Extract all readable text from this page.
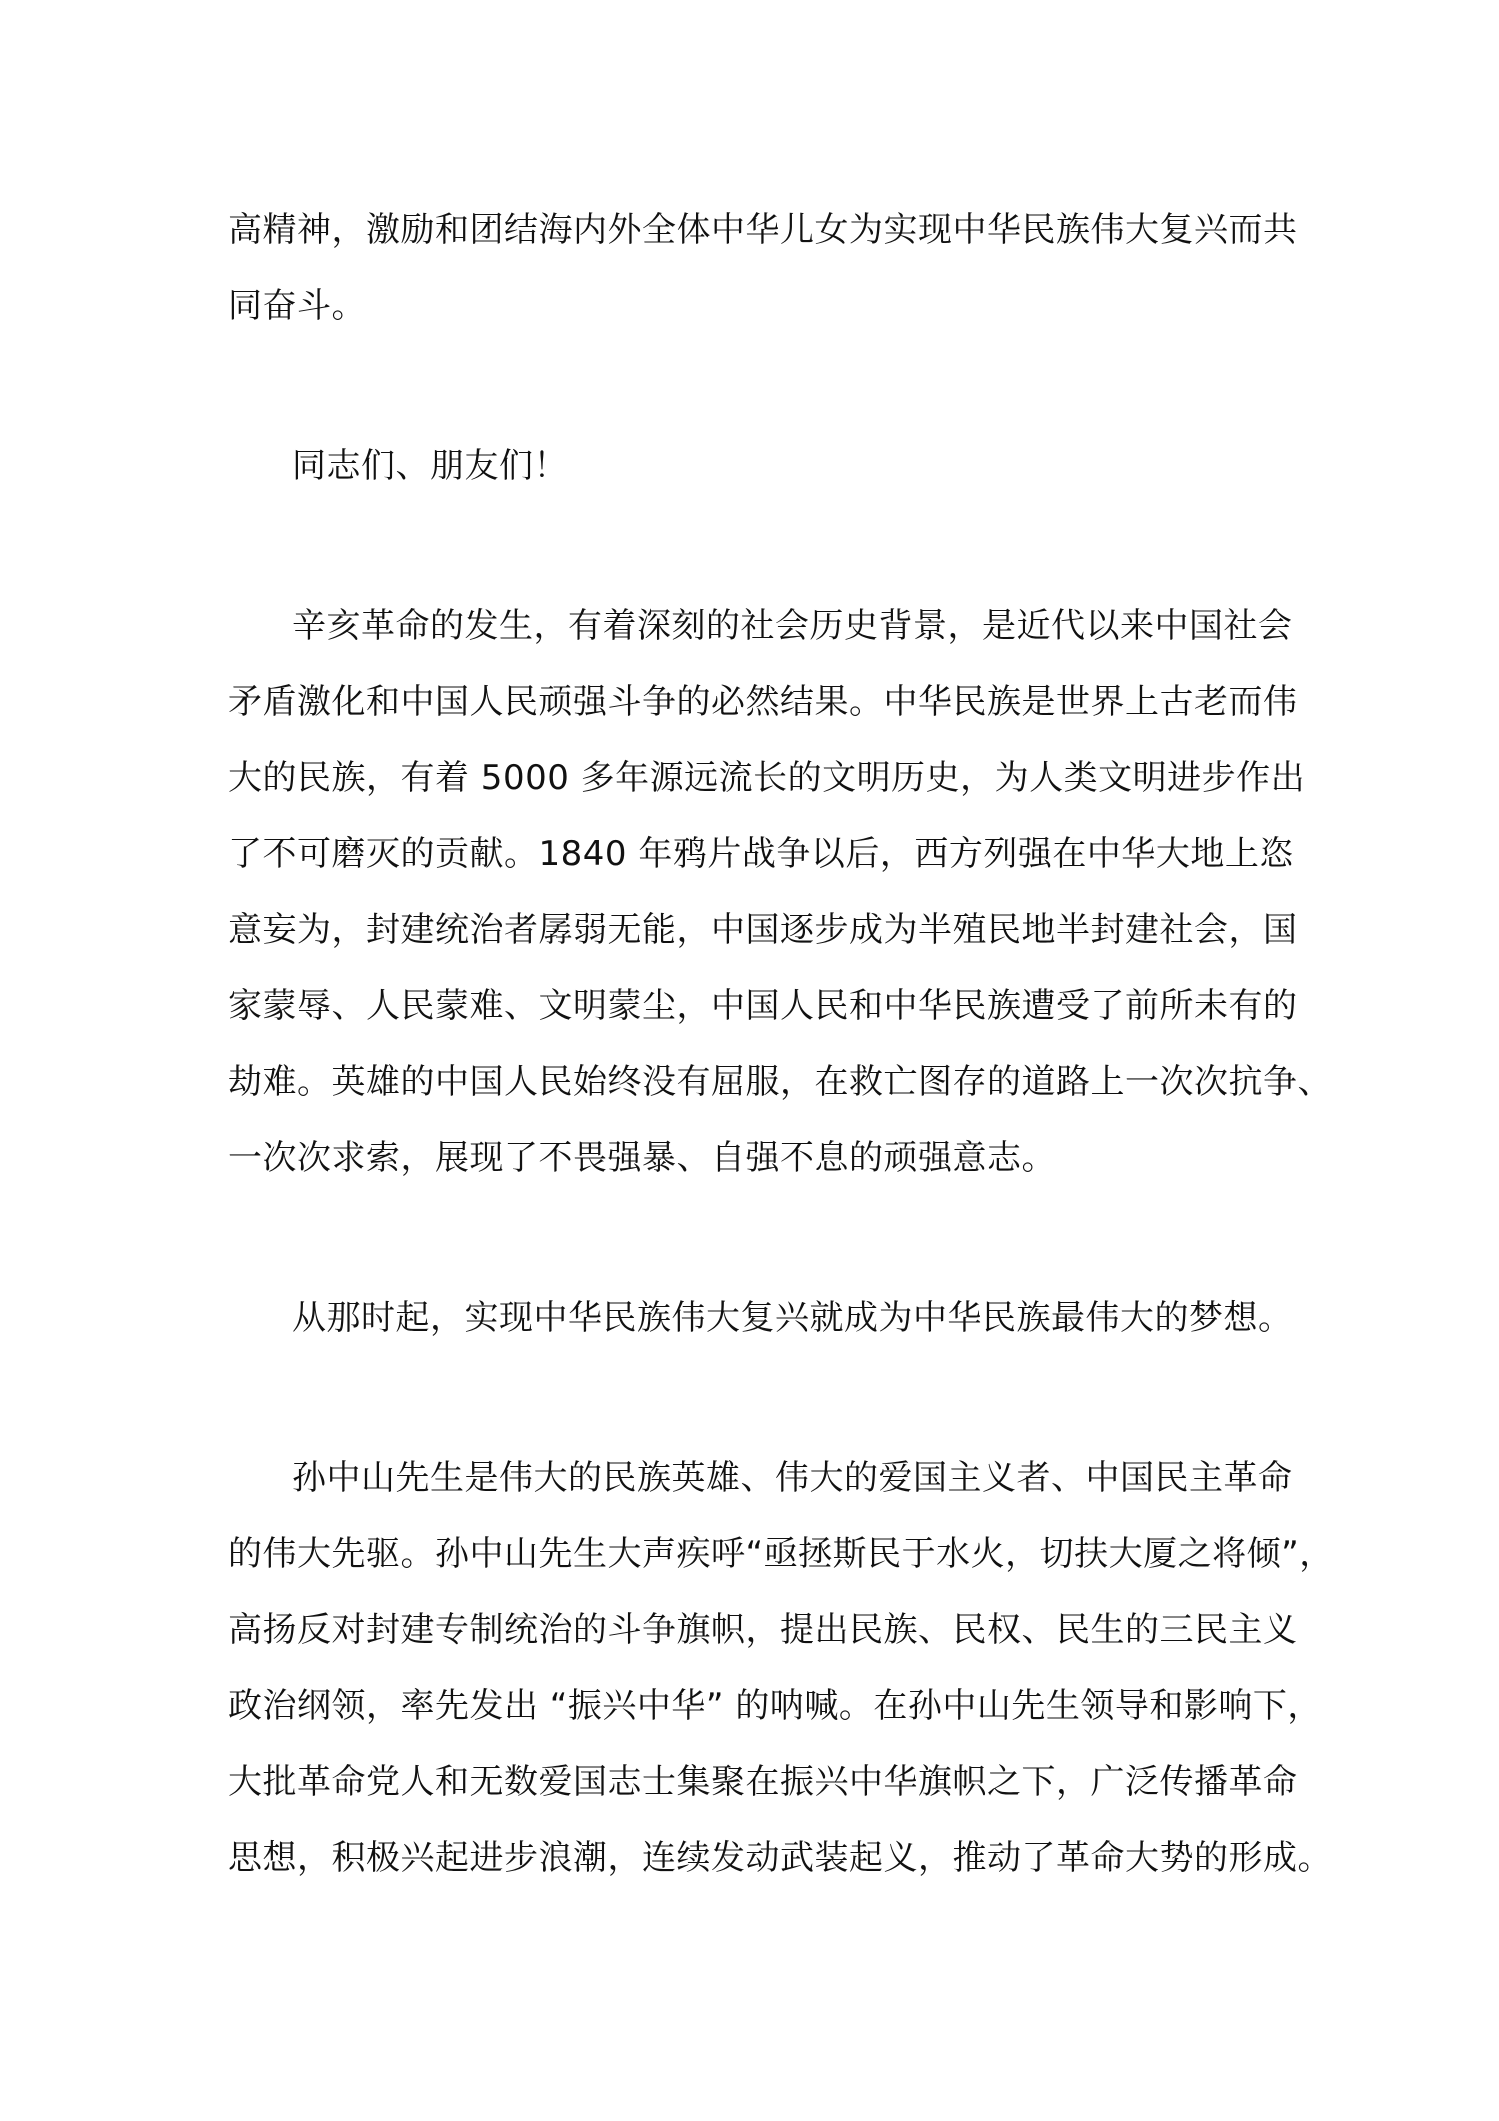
高精神，激励和团结海内外全体中华儿女为实现中华民族伟大复兴而共
同奋斗。
同志们、朋友们！
辛亥革命的发生，有着深刻的社会历史背景，是近代以来中国社会
矛盾激化和中国人民顽强斗争的必然结果。中华民族是世界上古老而伟
大的民族，有着 5000 多年源远流长的文明历史，为人类文明进步作出
了不可磨灭的贡献。1840 年鸦片战争以后，西方列强在中华大地上恣
意妄为，封建统治者孱弱无能，中国逐步成为半殖民地半封建社会，国
家蒙辱、人民蒙难、文明蒙尘，中国人民和中华民族遭受了前所未有的
劫难。英雄的中国人民始终没有屈服，在救亡图存的道路上一次次抗争、
一次次求索，展现了不畏强暴、自强不息的顽强意志。
从那时起，实现中华民族伟大复兴就成为中华民族最伟大的梦想。
孙中山先生是伟大的民族英雄、伟大的爱国主义者、中国民主革命
的伟大先驱。孙中山先生大声疾呼“亟拯斯民于水火，切扶大厦之将倾”，
高扬反对封建专制统治的斗争旗帜，提出民族、民权、民生的三民主义
政治纲领，率先发出 “振兴中华” 的呐喊。在孙中山先生领导和影响下，
大批革命党人和无数爱国志士集聚在振兴中华旗帜之下，广泛传播革命
思想，积极兴起进步浪潮，连续发动武装起义，推动了革命大势的形成。
